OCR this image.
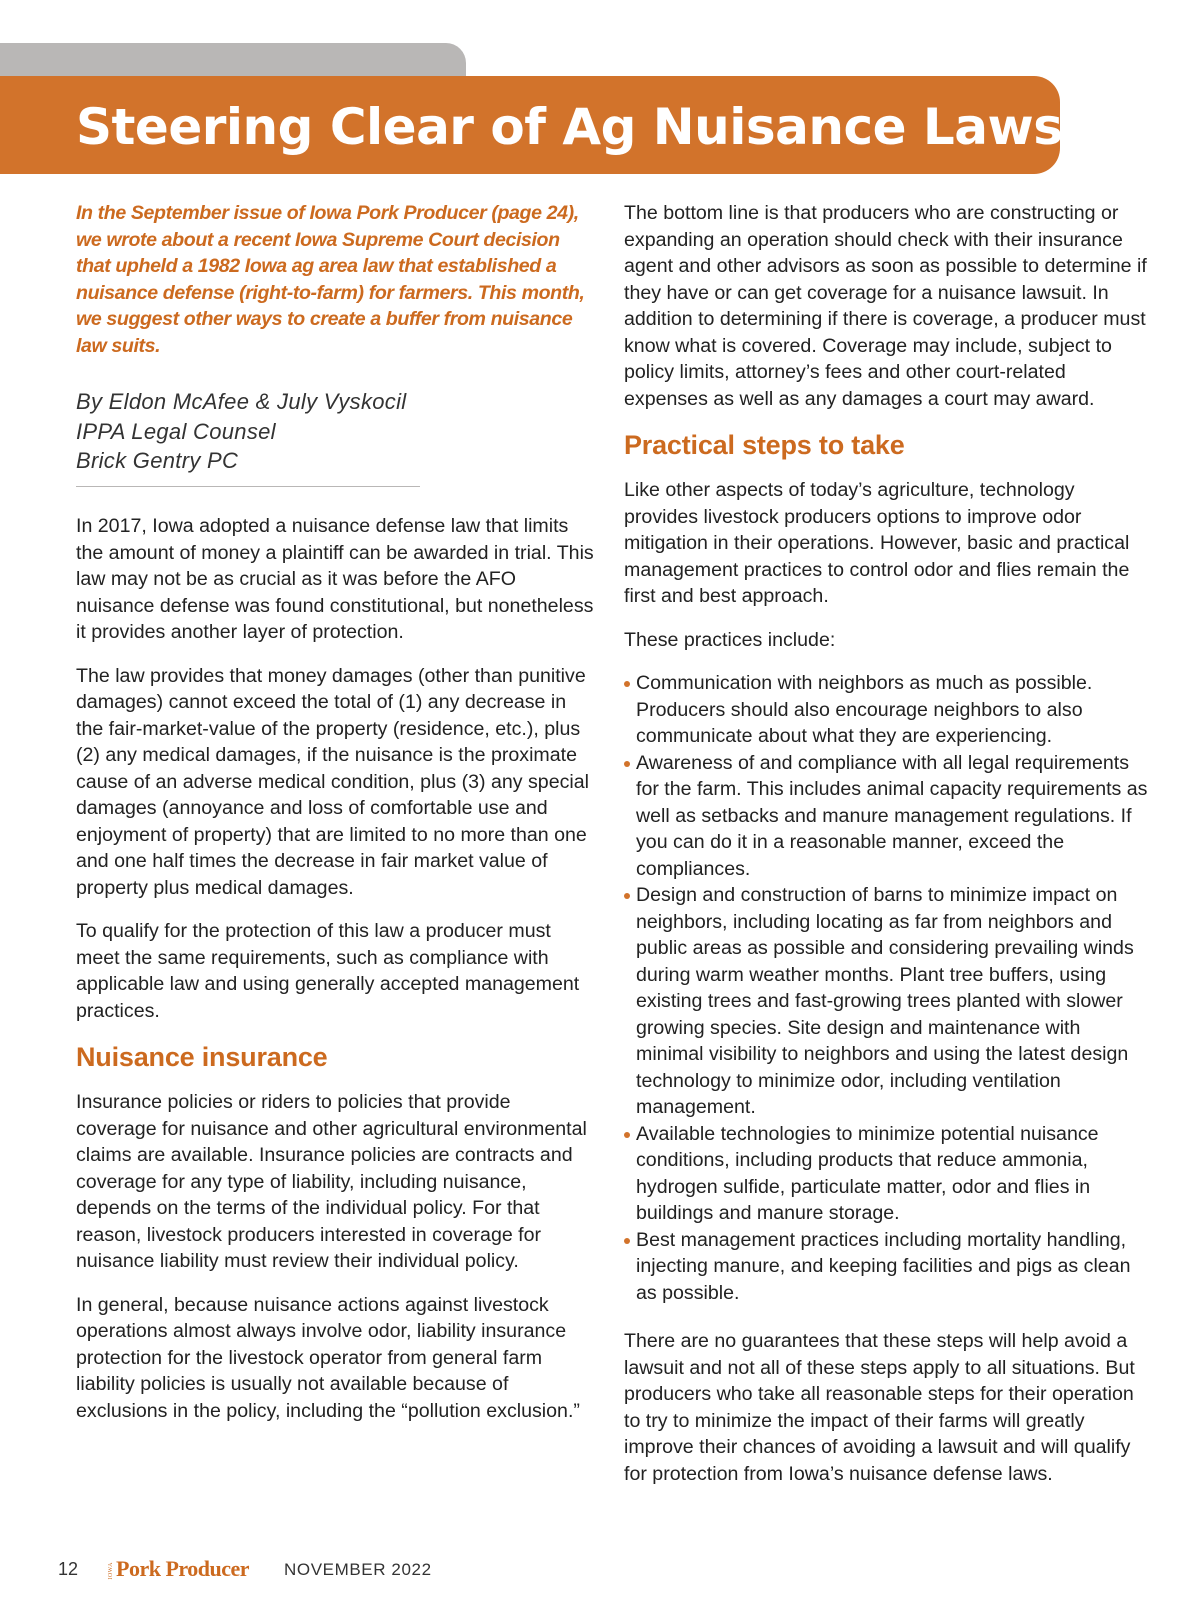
Steering Clear of Ag Nuisance Lawsuits

In the September issue of Iowa Pork Producer (page 24), we wrote about a recent Iowa Supreme Court decision that upheld a 1982 Iowa ag area law that established a nuisance defense (right-to-farm) for farmers. This month, we suggest other ways to create a buffer from nuisance law suits.

By Eldon McAfee & July Vyskocil

IPPA Legal Counsel

Brick Gentry PC

In 2017, Iowa adopted a nuisance defense law that limits the amount of money a plaintiff can be awarded in trial. This law may not be as crucial as it was before the AFO nuisance defense was found constitutional, but nonetheless it provides another layer of protection.

The law provides that money damages (other than punitive damages) cannot exceed the total of (1) any decrease in the fair-market-value of the property (residence, etc.), plus (2) any medical damages, if the nuisance is the proximate cause of an adverse medical condition, plus (3) any special damages (annoyance and loss of comfortable use and enjoyment of property) that are limited to no more than one and one half times the decrease in fair market value of property plus medical damages.

To qualify for the protection of this law a producer must meet the same requirements, such as compliance with applicable law and using generally accepted management practices.

Nuisance insurance

Insurance policies or riders to policies that provide coverage for nuisance and other agricultural environmental claims are available. Insurance policies are contracts and coverage for any type of liability, including nuisance, depends on the terms of the individual policy. For that reason, livestock producers interested in coverage for nuisance liability must review their individual policy.

In general, because nuisance actions against livestock operations almost always involve odor, liability insurance protection for the livestock operator from general farm liability policies is usually not available because of exclusions in the policy, including the “pollution exclusion.”

The bottom line is that producers who are constructing or expanding an operation should check with their insurance agent and other advisors as soon as possible to determine if they have or can get coverage for a nuisance lawsuit. In addition to determining if there is coverage, a producer must know what is covered. Coverage may include, subject to policy limits, attorney’s fees and other court-related expenses as well as any damages a court may award.

Practical steps to take

Like other aspects of today’s agriculture, technology provides livestock producers options to improve odor mitigation in their operations. However, basic and practical management practices to control odor and flies remain the first and best approach.

These practices include:

Communication with neighbors as much as possible. Producers should also encourage neighbors to also communicate about what they are experiencing.
Awareness of and compliance with all legal requirements for the farm. This includes animal capacity requirements as well as setbacks and manure management regulations. If you can do it in a reasonable manner, exceed the compliances.
Design and construction of barns to minimize impact on neighbors, including locating as far from neighbors and public areas as possible and considering prevailing winds during warm weather months. Plant tree buffers, using existing trees and fast-growing trees planted with slower growing species. Site design and maintenance with minimal visibility to neighbors and using the latest design technology to minimize odor, including ventilation management.
Available technologies to minimize potential nuisance conditions, including products that reduce ammonia, hydrogen sulfide, particulate matter, odor and flies in buildings and manure storage.
Best management practices including mortality handling, injecting manure, and keeping facilities and pigs as clean as possible.

There are no guarantees that these steps will help avoid a lawsuit and not all of these steps apply to all situations. But producers who take all reasonable steps for their operation to try to minimize the impact of their farms will greatly improve their chances of avoiding a lawsuit and will qualify for protection from Iowa’s nuisance defense laws.

12	IOWA Pork Producer NOVEMBER 2022
